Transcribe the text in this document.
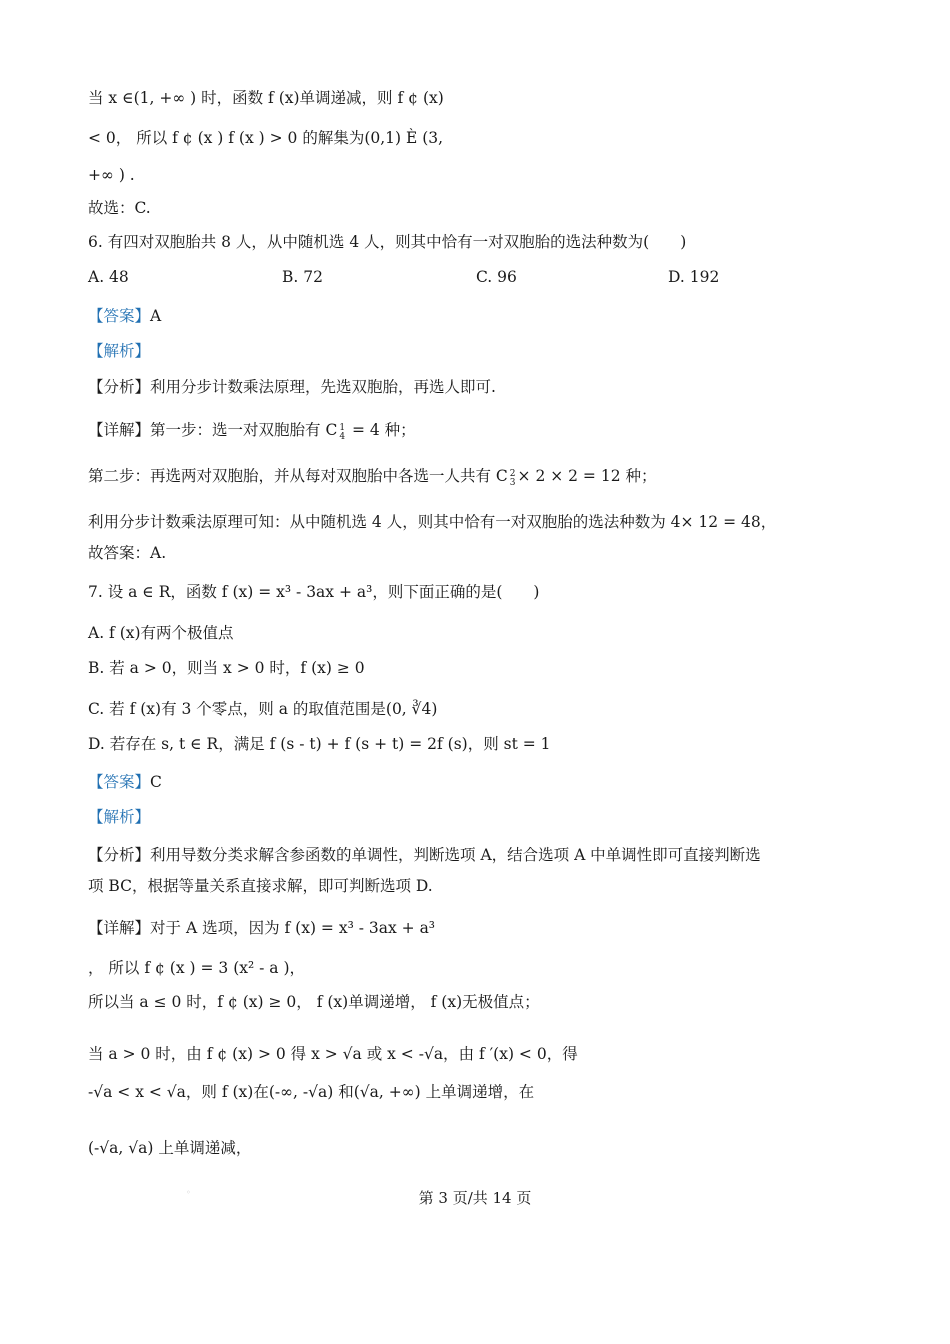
当 x ∈(1, +∞ ) 时，函数 f (x)单调递减，则 f ¢ (x)
< 0， 所以 f ¢ (x ) f (x ) > 0 的解集为(0,1) È (3,
+∞ ) .
故选：C.
6. 有四对双胞胎共 8 人，从中随机选 4 人，则其中恰有一对双胞胎的选法种数为(　　)
A. 48	B. 72	C. 96	D. 192
【答案】A
【解析】
【分析】利用分步计数乘法原理，先选双胞胎，再选人即可.
【详解】第一步：选一对双胞胎有 C 1
4 = 4 种；
第二步：再选两对双胞胎，并从每对双胞胎中各选一人共有 C 2
3 × 2 × 2 = 12 种；
利用分步计数乘法原理可知：从中随机选 4 人，则其中恰有一对双胞胎的选法种数为 4× 12 = 48，
故答案：A.
7. 设 a ∈ R，函数 f (x) = x³ - 3ax + a³，则下面正确的是(　　)
A. f (x)有两个极值点
B. 若 a > 0，则当 x > 0 时，f (x) ≥ 0
C. 若 f (x)有 3 个零点，则 a 的取值范围是(0, ∛4)
D. 若存在 s, t ∈ R，满足 f (s - t) + f (s + t) = 2f (s)，则 st = 1
【答案】C
【解析】
【分析】利用导数分类求解含参函数的单调性，判断选项 A，结合选项 A 中单调性即可直接判断选
项 BC，根据等量关系直接求解，即可判断选项 D.
【详解】对于 A 选项，因为 f (x) = x³ - 3ax + a³
， 所以 f ¢ (x ) = 3 (x² - a )，
所以当 a ≤ 0 时，f ¢ (x) ≥ 0， f (x)单调递增， f (x)无极值点；
当 a > 0 时，由 f ¢ (x) > 0 得 x > √a 或 x < -√a，由 f ′(x) < 0，得
-√a < x < √a，则 f (x)在(-∞, -√a) 和(√a, +∞) 上单调递增，在
(-√a, √a) 上单调递减，
◦	第 3 页/共 14 页
